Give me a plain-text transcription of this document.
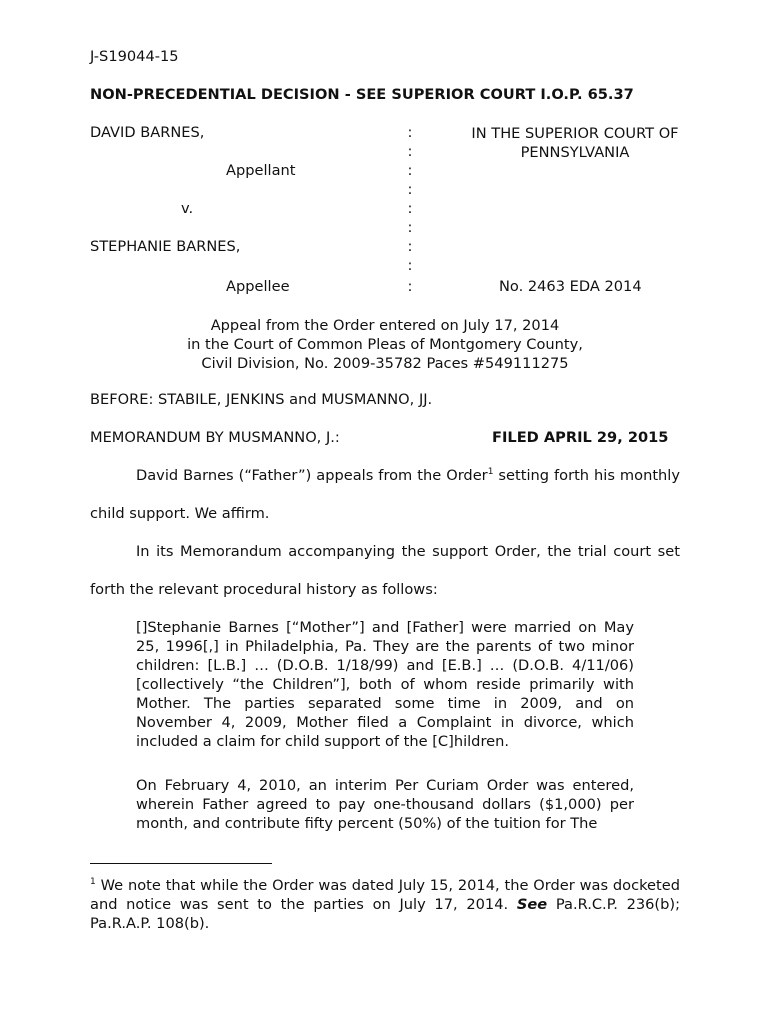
J-S19044-15
NON-PRECEDENTIAL DECISION - SEE SUPERIOR COURT I.O.P. 65.37
DAVID BARNES,
Appellant
v.
STEPHANIE BARNES,
Appellee
:
:
:
:
:
:
:
:
:
IN THE SUPERIOR COURT OF
PENNSYLVANIA
No. 2463 EDA 2014
Appeal from the Order entered on July 17, 2014
in the Court of Common Pleas of Montgomery County,
Civil Division, No. 2009-35782 Paces #549111275
BEFORE: STABILE, JENKINS and MUSMANNO, JJ.
MEMORANDUM BY MUSMANNO, J.:	FILED APRIL 29, 2015
David Barnes (“Father”) appeals from the Order$^1$ setting forth his monthly child support. We affirm.
In its Memorandum accompanying the support Order, the trial court set forth the relevant procedural history as follows:
[]Stephanie Barnes [“Mother”] and [Father] were married on May 25, 1996[,] in Philadelphia, Pa. They are the parents of two minor children: [L.B.] … (D.O.B. 1/18/99) and [E.B.] … (D.O.B. 4/11/06) [collectively “the Children”], both of whom reside primarily with Mother. The parties separated some time in 2009, and on November 4, 2009, Mother filed a Complaint in divorce, which included a claim for child support of the [C]hildren.
On February 4, 2010, an interim Per Curiam Order was entered, wherein Father agreed to pay one-thousand dollars ($1,000) per month, and contribute fifty percent (50%) of the tuition for The
$^1$ We note that while the Order was dated July 15, 2014, the Order was docketed and notice was sent to the parties on July 17, 2014. See Pa.R.C.P. 236(b); Pa.R.A.P. 108(b).
